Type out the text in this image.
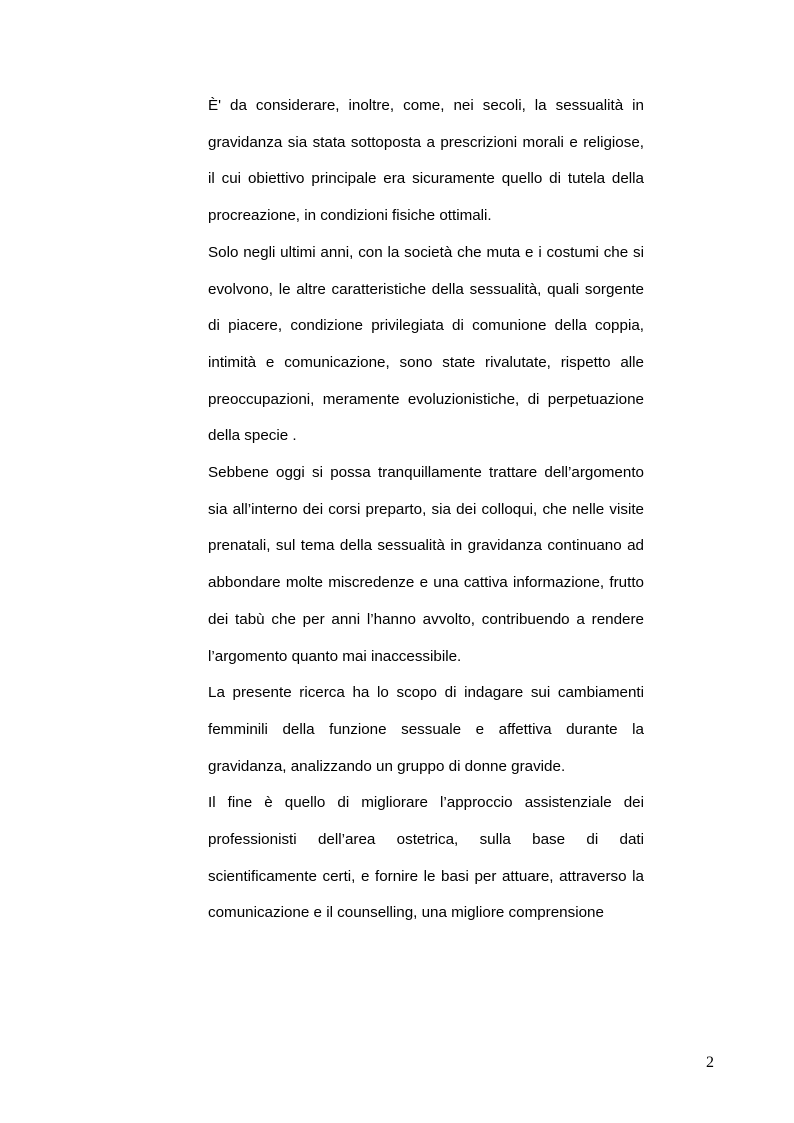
È' da considerare, inoltre, come, nei secoli, la sessualità in gravidanza sia stata sottoposta a prescrizioni morali e religiose, il cui obiettivo principale era sicuramente quello di tutela della procreazione, in condizioni fisiche ottimali.

Solo negli ultimi anni, con la società che muta e i costumi che si evolvono, le altre caratteristiche della sessualità, quali sorgente di piacere, condizione privilegiata di comunione della coppia, intimità e comunicazione, sono state rivalutate, rispetto alle preoccupazioni, meramente evoluzionistiche, di perpetuazione della specie .

Sebbene oggi si possa tranquillamente trattare dell’argomento sia all’interno dei corsi preparto, sia dei colloqui, che nelle visite prenatali, sul tema della sessualità in gravidanza continuano ad abbondare molte miscredenze e una cattiva informazione, frutto dei tabù che per anni l’hanno avvolto, contribuendo a rendere l’argomento quanto mai inaccessibile.

La presente ricerca ha lo scopo di indagare sui cambiamenti femminili della funzione sessuale e affettiva durante la gravidanza, analizzando un gruppo di donne gravide.

Il fine è quello di migliorare l’approccio assistenziale dei professionisti dell’area ostetrica, sulla base di dati scientificamente certi, e fornire le basi per attuare, attraverso la comunicazione e il counselling, una migliore comprensione

2
